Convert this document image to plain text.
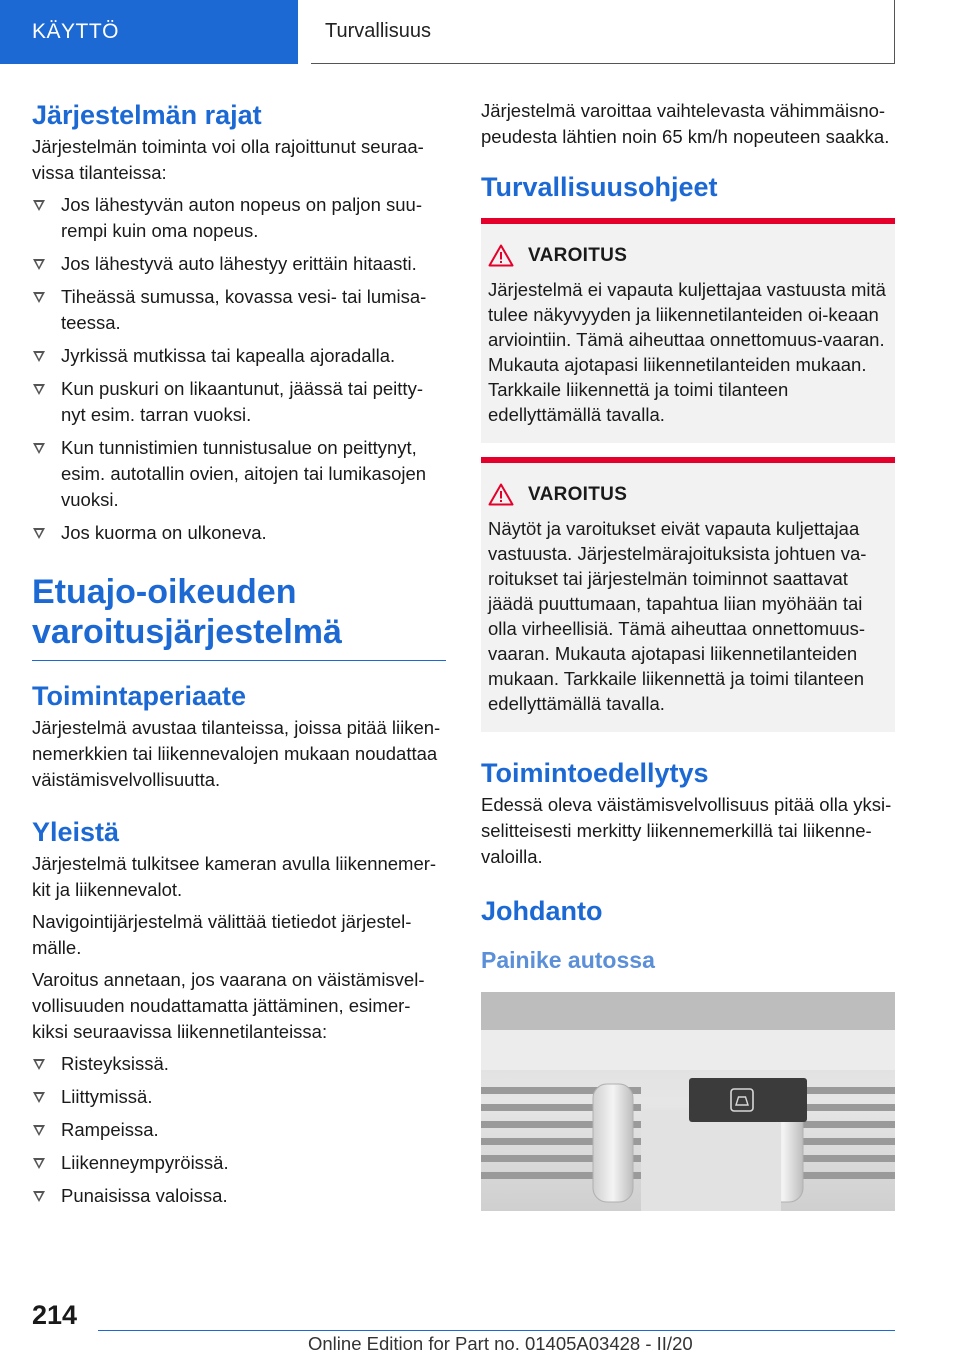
KÄYTTÖ	Turvallisuus
Järjestelmän rajat

Järjestelmän toiminta voi olla rajoittunut seuraa-vissa tilanteissa:

Jos lähestyvän auton nopeus on paljon suu-rempi kuin oma nopeus.
Jos lähestyvä auto lähestyy erittäin hitaasti.
Tiheässä sumussa, kovassa vesi- tai lumisa-teessa.
Jyrkissä mutkissa tai kapealla ajoradalla.
Kun puskuri on likaantunut, jäässä tai peitty-nyt esim. tarran vuoksi.
Kun tunnistimien tunnistusalue on peittynyt, esim. autotallin ovien, aitojen tai lumikasojen vuoksi.
Jos kuorma on ulkoneva.
Etuajo-oikeuden varoitusjärjestelmä
Toimintaperiaate

Järjestelmä avustaa tilanteissa, joissa pitää liiken-nemerkkien tai liikennevalojen mukaan noudattaa väistämisvelvollisuutta.

Yleistä

Järjestelmä tulkitsee kameran avulla liikennemer-kit ja liikennevalot.

Navigointijärjestelmä välittää tietiedot järjestel-mälle.

Varoitus annetaan, jos vaarana on väistämisvel-vollisuuden noudattamatta jättäminen, esimer-kiksi seuraavissa liikennetilanteissa:

Risteyksissä.
Liittymissä.
Rampeissa.
Liikenneympyröissä.
Punaisissa valoissa.

Järjestelmä varoittaa vaihtelevasta vähimmäisno-peudesta lähtien noin 65 km/h nopeuteen saakka.

Turvallisuusohjeet
VAROITUS

Järjestelmä ei vapauta kuljettajaa vastuusta mitä tulee näkyvyyden ja liikennetilanteiden oi-keaan arviointiin. Tämä aiheuttaa onnettomuus-vaaran. Mukauta ajotapasi liikennetilanteiden mukaan. Tarkkaile liikennettä ja toimi tilanteen edellyttämällä tavalla.

VAROITUS

Näytöt ja varoitukset eivät vapauta kuljettajaa vastuusta. Järjestelmärajoituksista johtuen va-roitukset tai järjestelmän toiminnot saattavat jäädä puuttumaan, tapahtua liian myöhään tai olla virheellisiä. Tämä aiheuttaa onnettomuus-vaaran. Mukauta ajotapasi liikennetilanteiden mukaan. Tarkkaile liikennettä ja toimi tilanteen edellyttämällä tavalla.

Toimintoedellytys

Edessä oleva väistämisvelvollisuus pitää olla yksi-selitteisesti merkitty liikennemerkillä tai liikenne-valoilla.

Johdanto
Painike autossa
214
Online Edition for Part no. 01405A03428 - II/20
